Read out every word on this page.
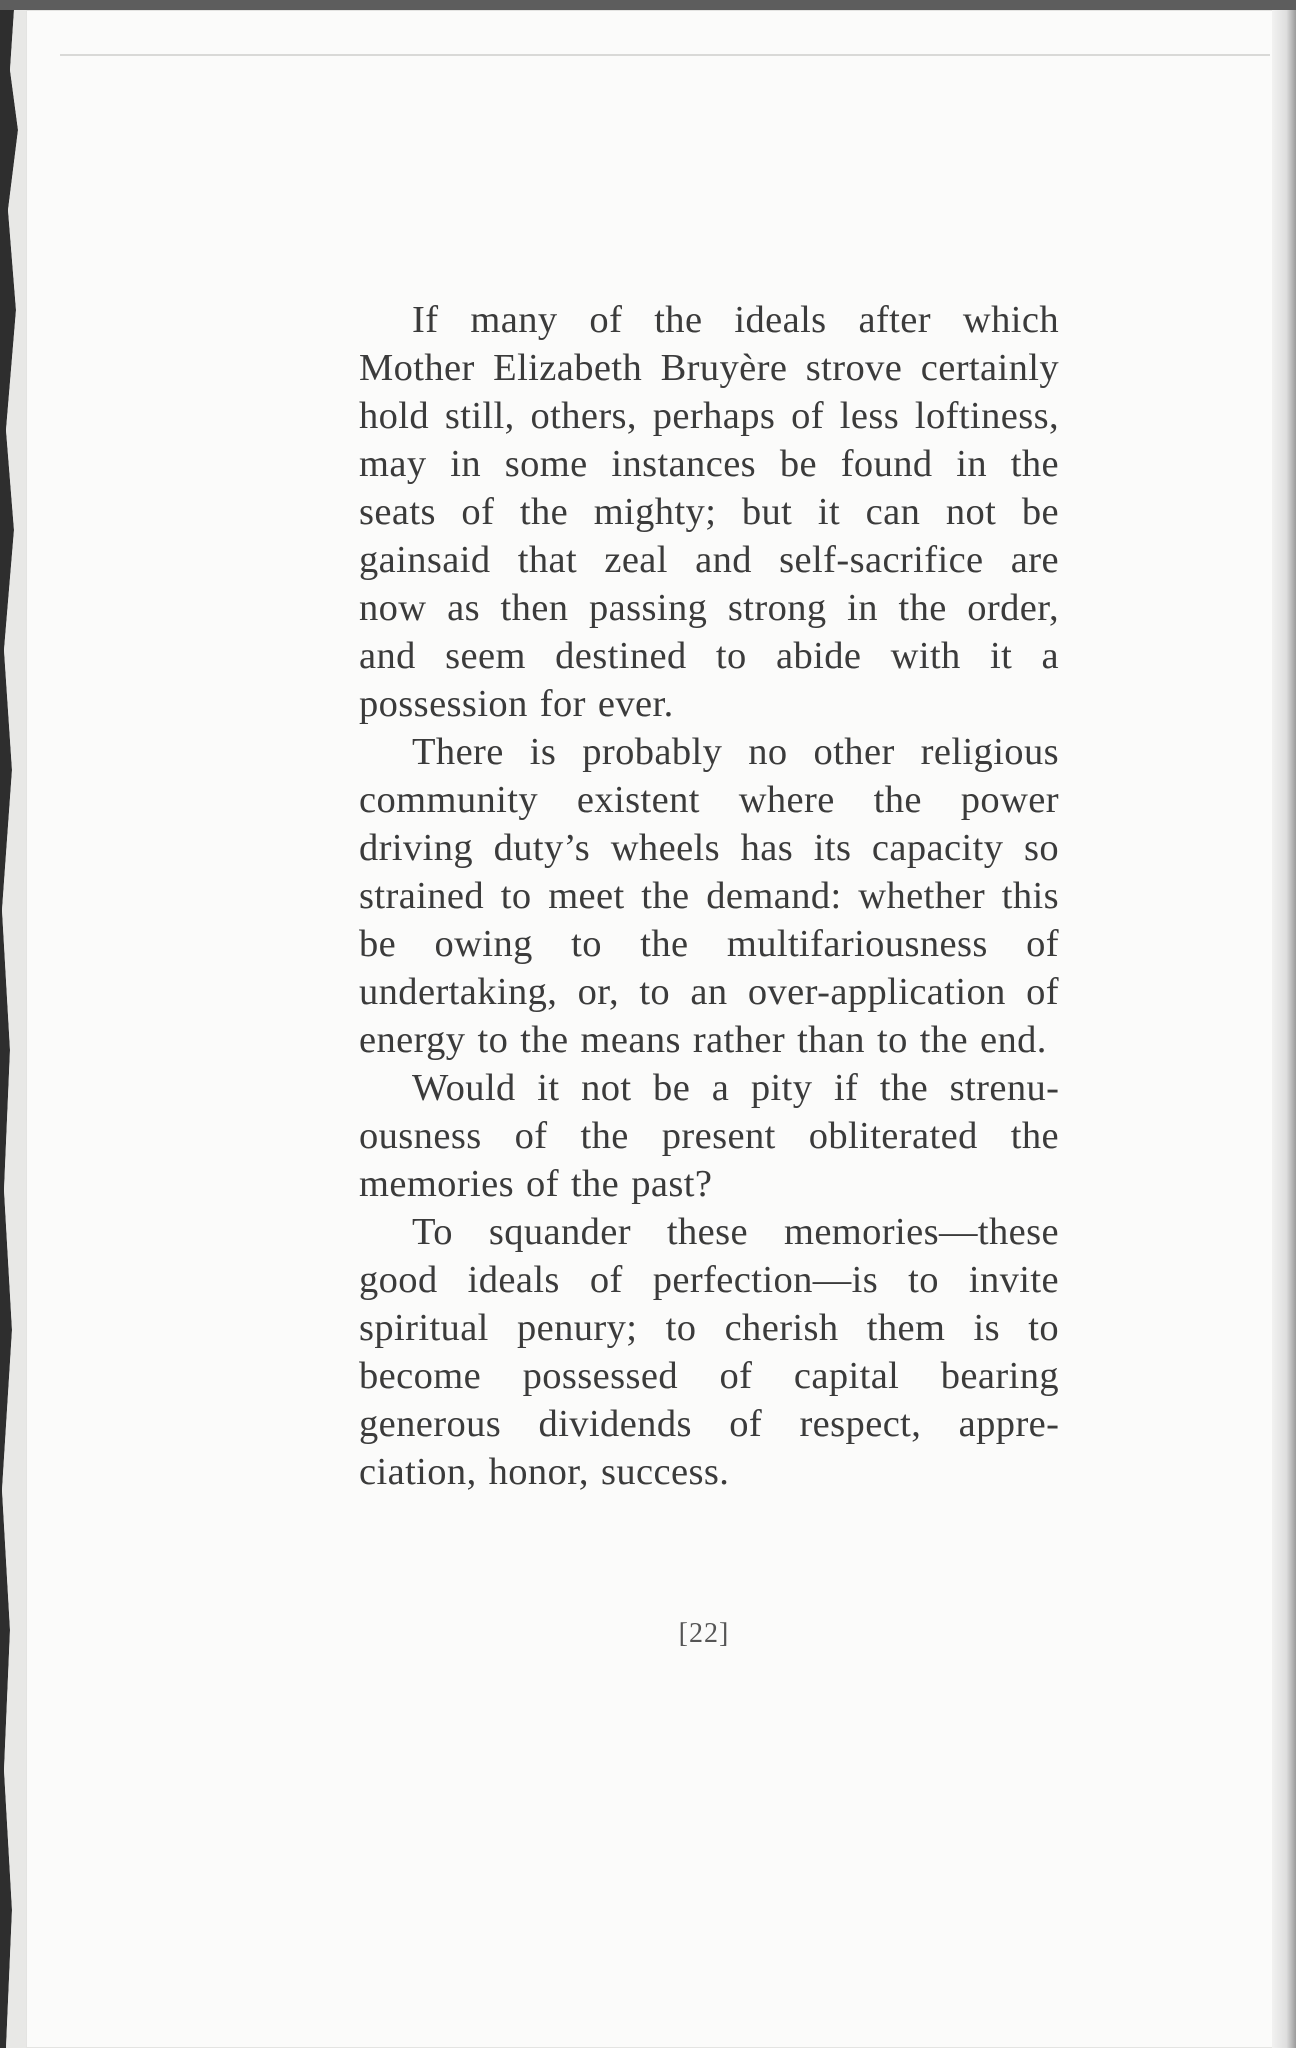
If many of the ideals after which Mother Elizabeth Bruyère strove certainly hold still, others, perhaps of less loftiness, may in some instances be found in the seats of the mighty; but it can not be gainsaid that zeal and self-sacrifice are now as then passing strong in the order, and seem destined to abide with it a possession for ever.

There is probably no other religious community existent where the power driving duty’s wheels has its capacity so strained to meet the demand: whether this be owing to the multifariousness of undertaking, or, to an over-application of energy to the means rather than to the end.

Would it not be a pity if the strenuousness of the present obliterated the memories of the past?

To squander these memories—these good ideals of perfection—is to invite spiritual penury; to cherish them is to become possessed of capital bearing generous dividends of respect, appreciation, honor, success.

[22]
